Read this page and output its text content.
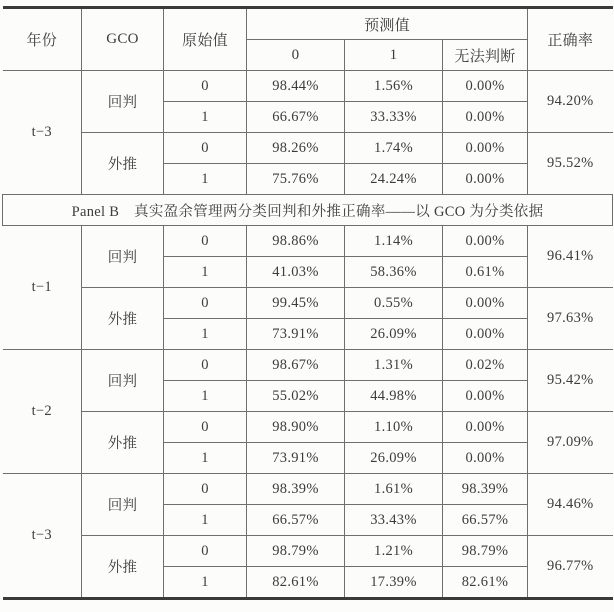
年份	GCO	原始值	预测值			正确率
			0	1	无法判断	
t−3	回判	0	98.44%	1.56%	0.00%	94.20%
		1	66.67%	33.33%	0.00%	
	外推	0	98.26%	1.74%	0.00%	95.52%
		1	75.76%	24.24%	0.00%	
Panel B　真实盈余管理两分类回判和外推正确率——以 GCO 为分类依据						
t−1	回判	0	98.86%	1.14%	0.00%	96.41%
		1	41.03%	58.36%	0.61%	
	外推	0	99.45%	0.55%	0.00%	97.63%
		1	73.91%	26.09%	0.00%	
t−2	回判	0	98.67%	1.31%	0.02%	95.42%
		1	55.02%	44.98%	0.00%	
	外推	0	98.90%	1.10%	0.00%	97.09%
		1	73.91%	26.09%	0.00%	
t−3	回判	0	98.39%	1.61%	98.39%	94.46%
		1	66.57%	33.43%	66.57%	
	外推	0	98.79%	1.21%	98.79%	96.77%
		1	82.61%	17.39%	82.61%	
